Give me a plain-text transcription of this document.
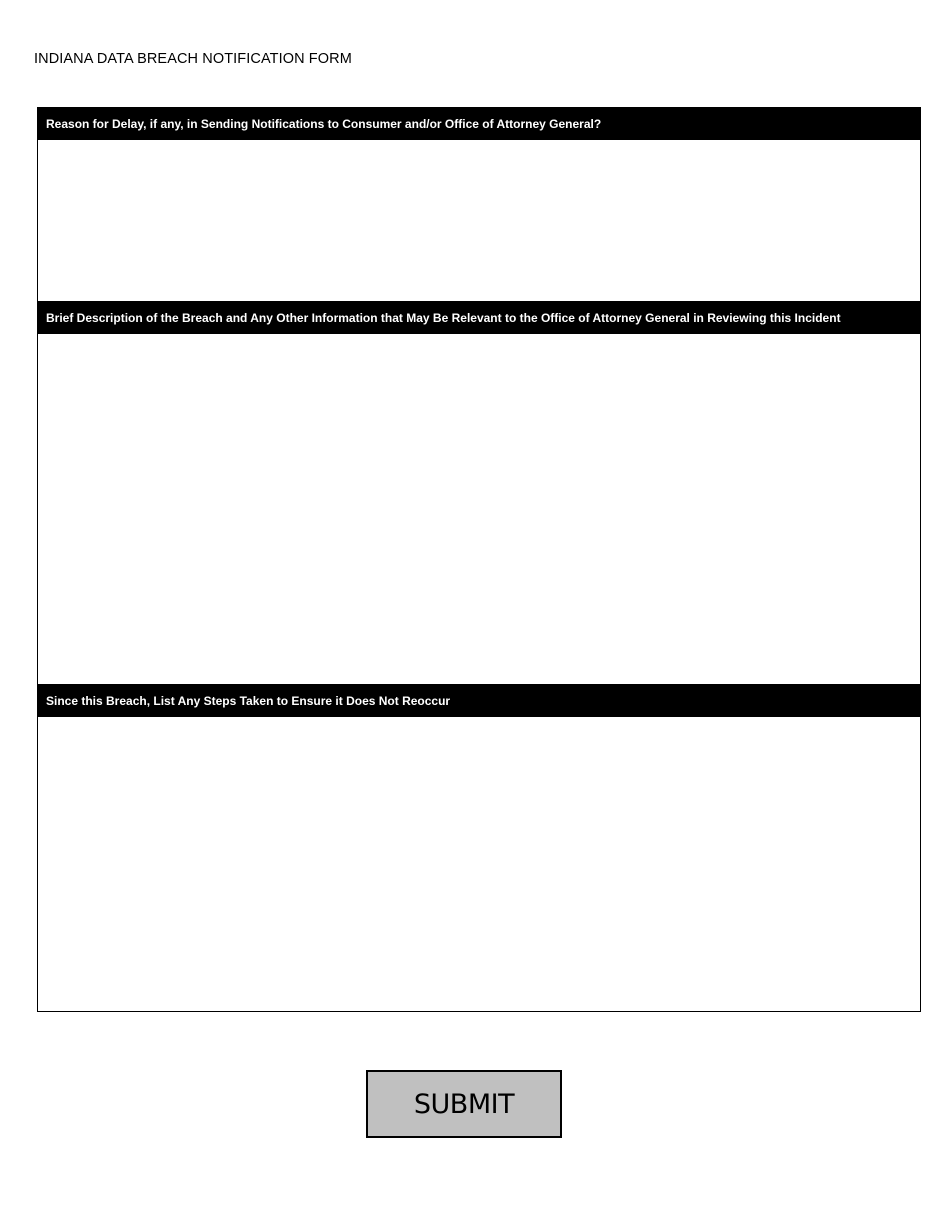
INDIANA DATA BREACH NOTIFICATION FORM
Reason for Delay, if any, in Sending Notifications to Consumer and/or Office of Attorney General?
Brief Description of the Breach and Any Other Information that May Be Relevant to the Office of Attorney General in Reviewing this Incident
Since this Breach, List Any Steps Taken to Ensure it Does Not Reoccur
SUBMIT
